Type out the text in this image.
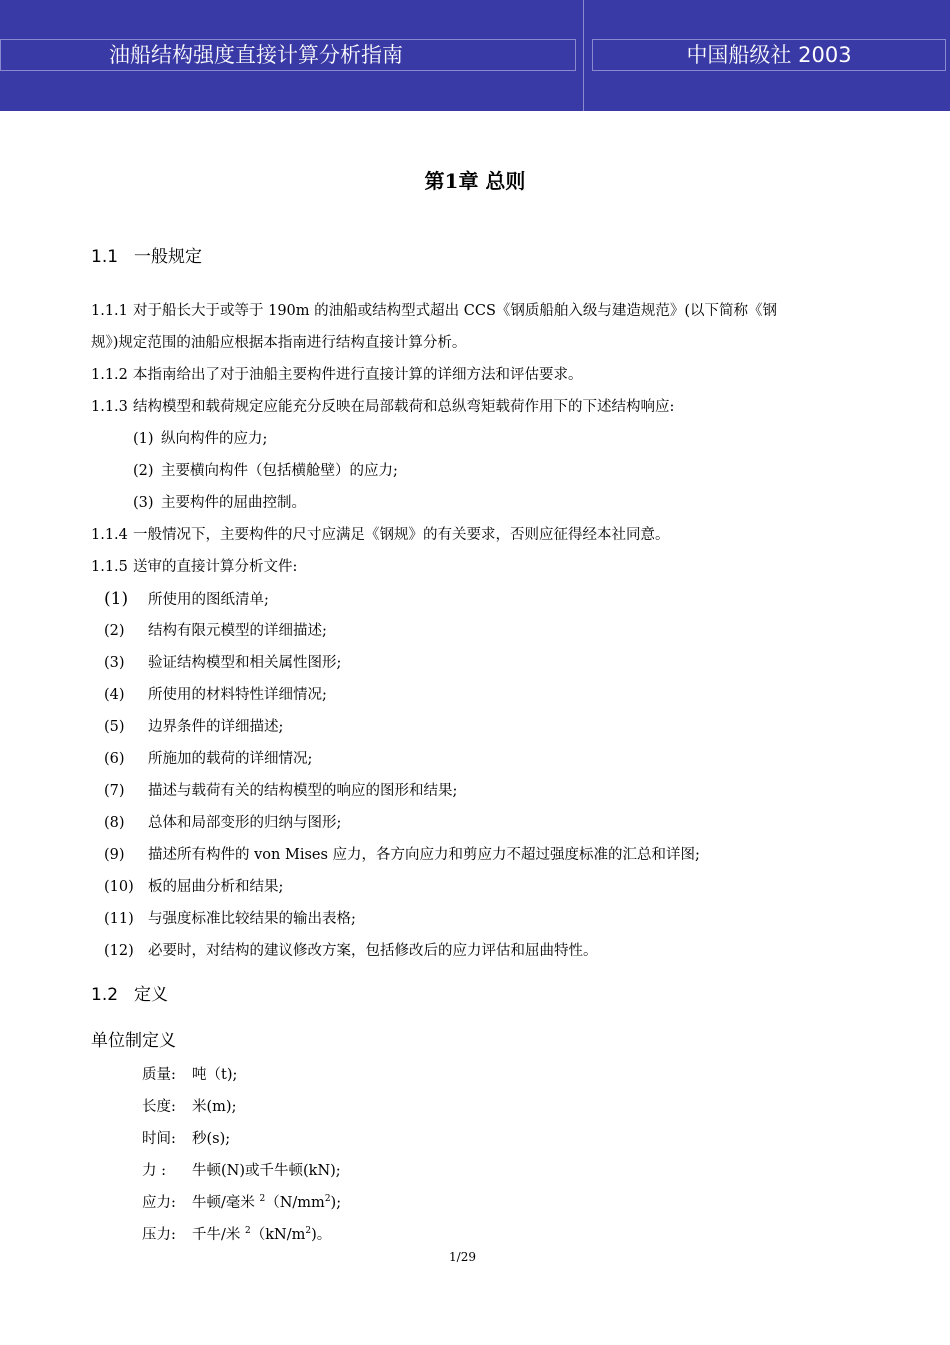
油船结构强度直接计算分析指南	中国船级社 2003
第1章 总则
1.1 一般规定
1.1.1 对于船长大于或等于 190m 的油船或结构型式超出 CCS《钢质船舶入级与建造规范》(以下简称《钢
规》)规定范围的油船应根据本指南进行结构直接计算分析。
1.1.2 本指南给出了对于油船主要构件进行直接计算的详细方法和评估要求。
1.1.3 结构模型和载荷规定应能充分反映在局部载荷和总纵弯矩载荷作用下的下述结构响应:
(1) 纵向构件的应力;
(2) 主要横向构件（包括横舱壁）的应力;
(3) 主要构件的屈曲控制。
1.1.4 一般情况下，主要构件的尺寸应满足《钢规》的有关要求，否则应征得经本社同意。
1.1.5 送审的直接计算分析文件:
(1) 所使用的图纸清单;
(2) 结构有限元模型的详细描述;
(3) 验证结构模型和相关属性图形;
(4) 所使用的材料特性详细情况;
(5) 边界条件的详细描述;
(6) 所施加的载荷的详细情况;
(7) 描述与载荷有关的结构模型的响应的图形和结果;
(8) 总体和局部变形的归纳与图形;
(9) 描述所有构件的 von Mises 应力，各方向应力和剪应力不超过强度标准的汇总和详图;
(10) 板的屈曲分析和结果;
(11) 与强度标准比较结果的输出表格;
(12) 必要时，对结构的建议修改方案，包括修改后的应力评估和屈曲特性。
1.2 定义
单位制定义
质量: 吨（t);
长度: 米(m);
时间: 秒(s);
力 : 牛顿(N)或千牛顿(kN);
应力: 牛顿/毫米 $^2(N/mm^2)$;
压力: 千牛/米 $^2(kN/m^2)$。
1/29
